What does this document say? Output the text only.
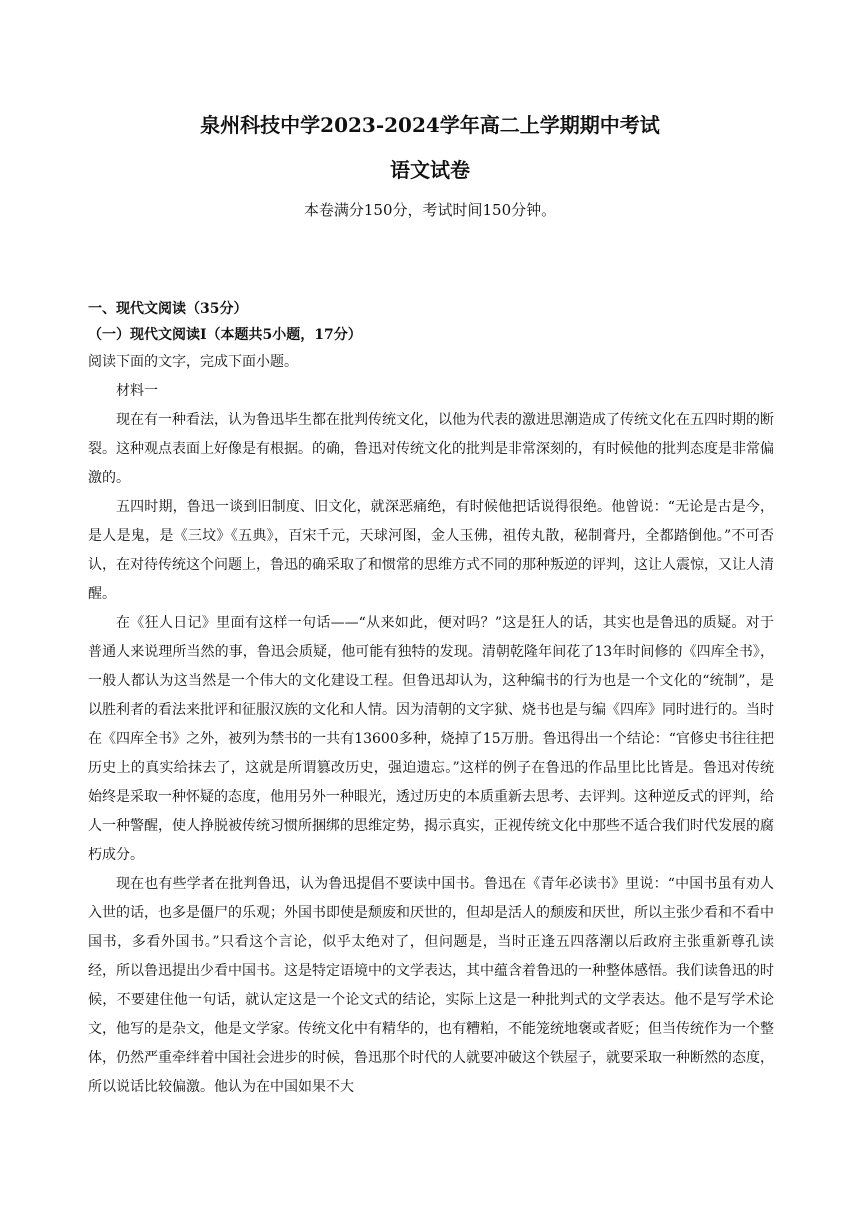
泉州科技中学2023-2024学年高二上学期期中考试
语文试卷

本卷满分150分，考试时间150分钟。

一、现代文阅读（35分）

（一）现代文阅读Ⅰ（本题共5小题，17分）

阅读下面的文字，完成下面小题。

材料一

现在有一种看法，认为鲁迅毕生都在批判传统文化，以他为代表的激进思潮造成了传统文化在五四时期的断裂。这种观点表面上好像是有根据。的确，鲁迅对传统文化的批判是非常深刻的，有时候他的批判态度是非常偏激的。

五四时期，鲁迅一谈到旧制度、旧文化，就深恶痛绝，有时候他把话说得很绝。他曾说：“无论是古是今，是人是鬼，是《三坟》《五典》，百宋千元，天球河图，金人玉佛，祖传丸散，秘制膏丹，全都踏倒他。”不可否认，在对待传统这个问题上，鲁迅的确采取了和惯常的思维方式不同的那种叛逆的评判，这让人震惊，又让人清醒。

在《狂人日记》里面有这样一句话——“从来如此，便对吗？”这是狂人的话，其实也是鲁迅的质疑。对于普通人来说理所当然的事，鲁迅会质疑，他可能有独特的发现。清朝乾隆年间花了13年时间修的《四库全书》，一般人都认为这当然是一个伟大的文化建设工程。但鲁迅却认为，这种编书的行为也是一个文化的“统制”，是以胜利者的看法来批评和征服汉族的文化和人情。因为清朝的文字狱、烧书也是与编《四库》同时进行的。当时在《四库全书》之外，被列为禁书的一共有13600多种，烧掉了15万册。鲁迅得出一个结论：“官修史书往往把历史上的真实给抹去了，这就是所谓篡改历史，强迫遗忘。”这样的例子在鲁迅的作品里比比皆是。鲁迅对传统始终是采取一种怀疑的态度，他用另外一种眼光，透过历史的本质重新去思考、去评判。这种逆反式的评判，给人一种警醒，使人挣脱被传统习惯所捆绑的思维定势，揭示真实，正视传统文化中那些不适合我们时代发展的腐朽成分。

现在也有些学者在批判鲁迅，认为鲁迅提倡不要读中国书。鲁迅在《青年必读书》里说：“中国书虽有劝人入世的话，也多是僵尸的乐观；外国书即使是颓废和厌世的，但却是活人的颓废和厌世，所以主张少看和不看中国书，多看外国书。”只看这个言论，似乎太绝对了，但问题是，当时正逢五四落潮以后政府主张重新尊孔读经，所以鲁迅提出少看中国书。这是特定语境中的文学表达，其中蕴含着鲁迅的一种整体感悟。我们读鲁迅的时候，不要建住他一句话，就认定这是一个论文式的结论，实际上这是一种批判式的文学表达。他不是写学术论文，他写的是杂文，他是文学家。传统文化中有精华的，也有糟粕，不能笼统地褒或者贬；但当传统作为一个整体，仍然严重牵绊着中国社会进步的时候，鲁迅那个时代的人就要冲破这个铁屋子，就要采取一种断然的态度，所以说话比较偏激。他认为在中国如果不大
